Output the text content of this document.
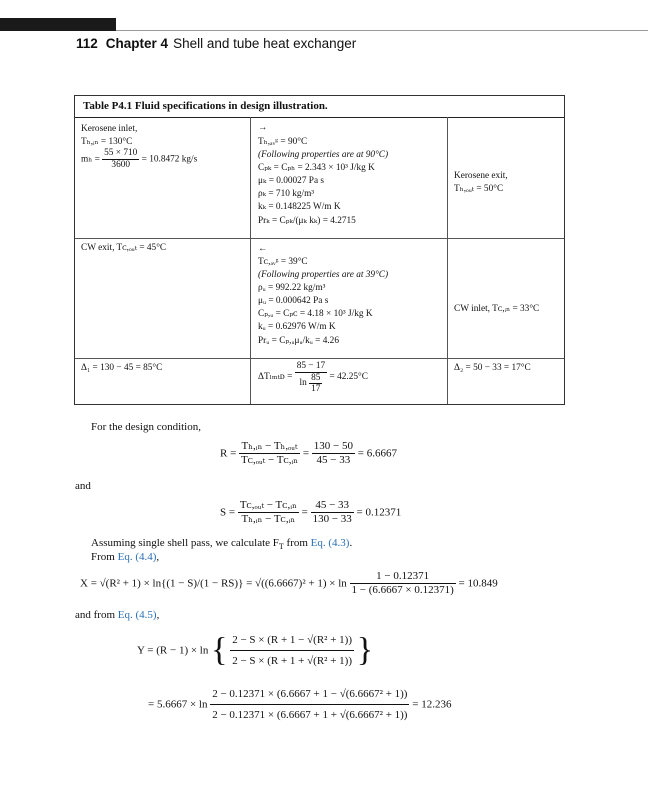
112 Chapter 4 Shell and tube heat exchanger
Table P4.1 Fluid specifications in design illustration.
Kerosene inlet,
Tₕ,ᵢₙ = 130°C
$m_h = \frac{55 \times 710}{3600} = 10.8472$ kg/s
→
Tₕ,ₐᵥᵍ = 90°C
(Following properties are at 90°C)
Cₚₖ = Cₚₕ = 2.343 × 10³ J/kg K
μₖ = 0.00027 Pa s
ρₖ = 710 kg/m³
kₖ = 0.148225 W/m K
Prₖ = Cₚₖ/(μₖ kₖ) = 4.2715
Kerosene exit,
Tₕ,ₒᵤₜ = 50°C
CW exit, Tᴄ,ₒᵤₜ = 45°C	←
Tᴄ,ₐᵥᵍ = 39°C
(Following properties are at 39°C)
ρᵤ = 992.22 kg/m³
μᵤ = 0.000642 Pa s
Cₚ,ᵤ = Cₚᴄ = 4.18 × 10³ J/kg K
kᵤ = 0.62976 W/m K
Prᵤ = Cₚ,ᵤμᵤ/kᵤ = 4.26
CW inlet, Tᴄ,ᵢₙ = 33°C
Δ₁ = 130 − 45 = 85°C
ΔTₗₘₜᴅ = $\frac{85 - 17}{\ln \frac{85}{17}} = 42.25^\circ C$
Δ₂ = 50 − 33 = 17°C
For the design condition,
$R = \frac{\text{Tₕ,ᵢₙ − Tₕ,ₒᵤₜ}}{\text{Tᴄ,ₒᵤₜ − Tᴄ,ᵢₙ}} = \frac{130 - 50}{45 - 33} = 6.6667$
and
$S = \frac{\text{Tᴄ,ₒᵤₜ − Tᴄ,ᵢₙ}}{\text{Tₕ,ᵢₙ − Tᴄ,ᵢₙ}} = \frac{45 - 33}{130 - 33} = 0.12371$
Assuming single shell pass, we calculate $F_T$ from Eq. (4.3).
From Eq. (4.4),
$X = √(R^2 + 1) \times \ln\{(1 - S)/(1 - RS)\} = √((6.6667)^2 + 1) \times \ln \frac{1 - 0.12371}{1 - (6.6667 \times 0.12371)} = 10.849$
and from Eq. (4.5),
Y = (R − 1) × ln { $\frac{\text{2 − S × (R + 1 − √(R² + 1))}}{\text{2 − S × (R + 1 + √(R² + 1))}}$ }
= $5.6667 \times \ln \frac{\text{2 − 0.12371 × (6.6667 + 1 − √(6.6667² + 1))}}{\text{2 − 0.12371 × (6.6667 + 1 + √(6.6667² + 1))}} = 12.236$
